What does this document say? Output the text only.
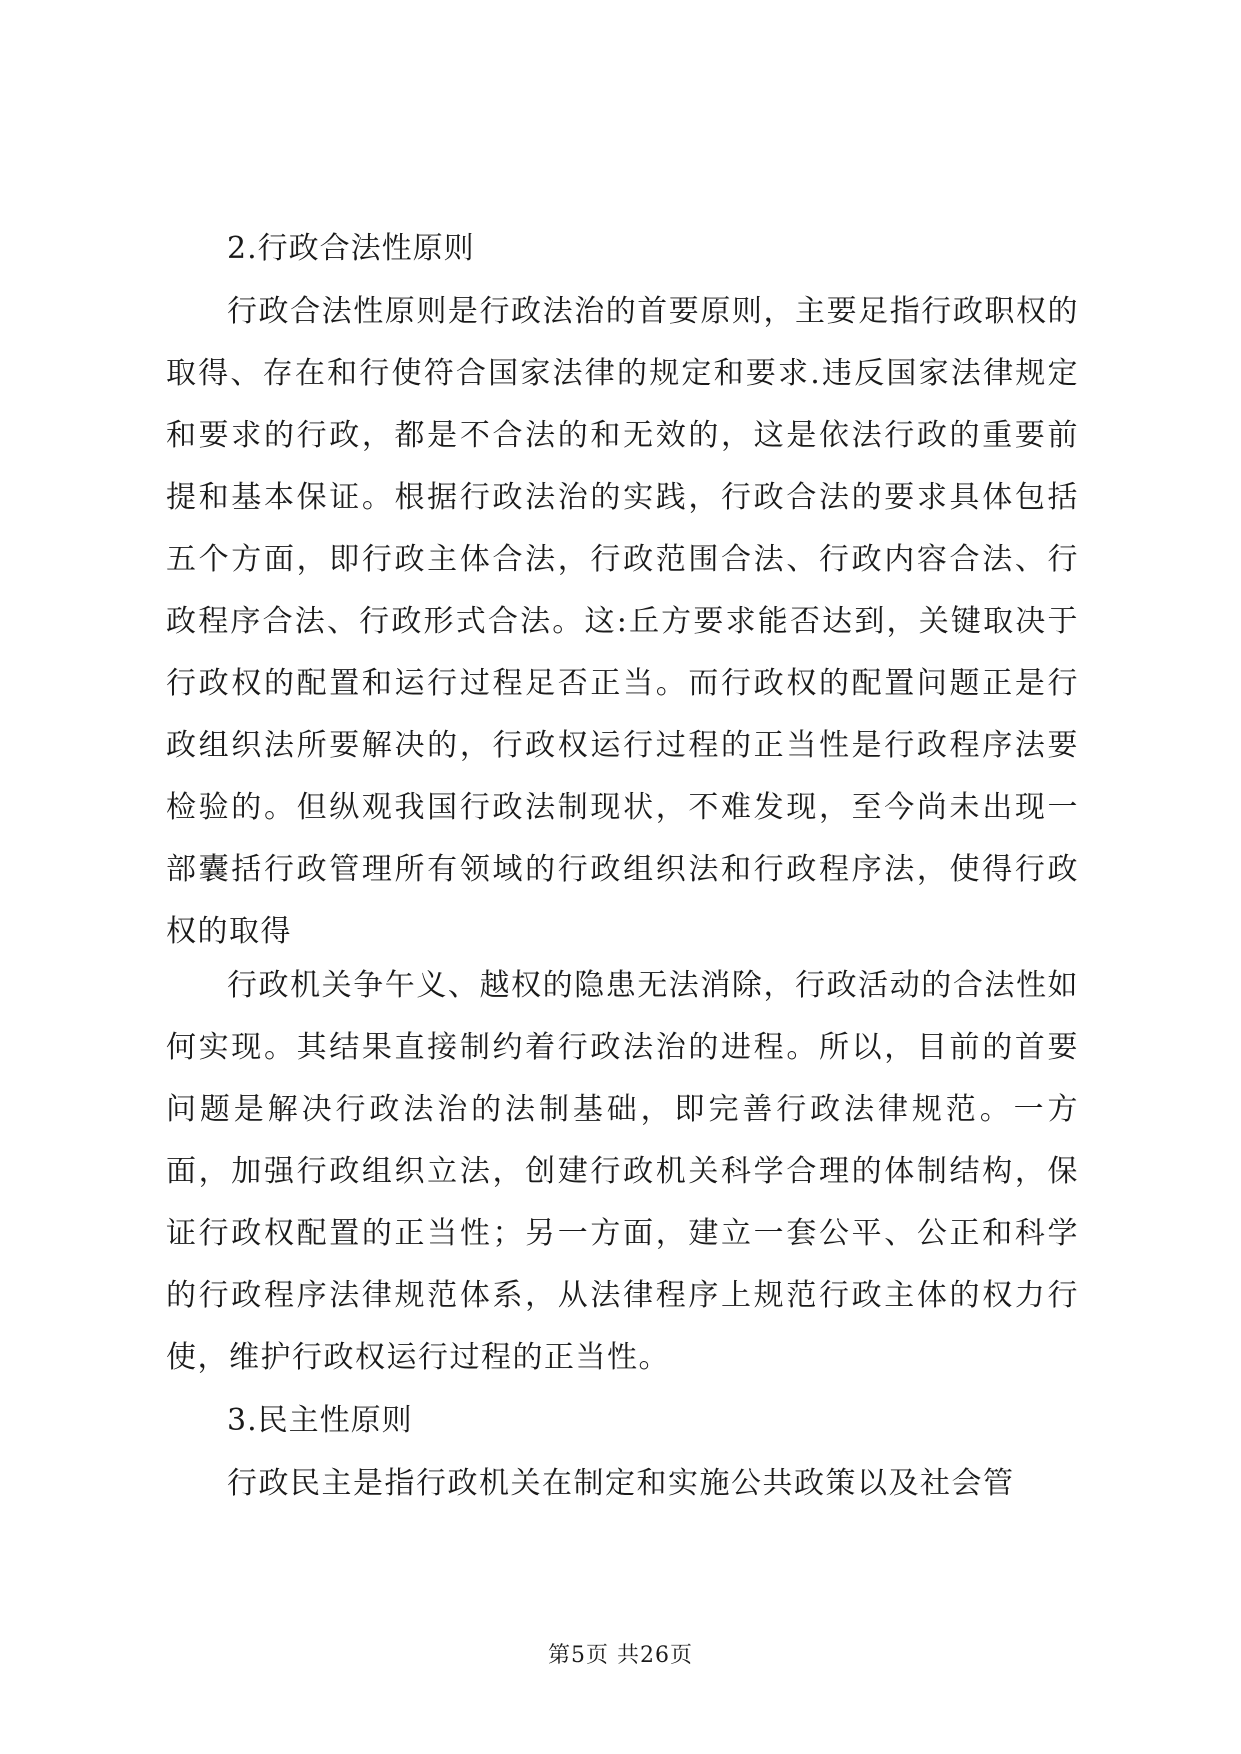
2.行政合法性原则

行政合法性原则是行政法治的首要原则，主要足指行政职权的取得、存在和行使符合国家法律的规定和要求.违反国家法律规定和要求的行政，都是不合法的和无效的，这是依法行政的重要前提和基本保证。根据行政法治的实践，行政合法的要求具体包括五个方面，即行政主体合法，行政范围合法、行政内容合法、行政程序合法、行政形式合法。这:丘方要求能否达到，关键取决于行政权的配置和运行过程足否正当。而行政权的配置问题正是行政组织法所要解决的，行政权运行过程的正当性是行政程序法要检验的。但纵观我国行政法制现状，不难发现，至今尚未出现一部囊括行政管理所有领域的行政组织法和行政程序法，使得行政权的取得

行政机关争午义、越权的隐患无法消除，行政活动的合法性如何实现。其结果直接制约着行政法治的进程。所以，目前的首要问题是解决行政法治的法制基础，即完善行政法律规范。一方面，加强行政组织立法，创建行政机关科学合理的体制结构，保证行政权配置的正当性；另一方面，建立一套公平、公正和科学的行政程序法律规范体系，从法律程序上规范行政主体的权力行使，维护行政权运行过程的正当性。

3.民主性原则

行政民主是指行政机关在制定和实施公共政策以及社会管

第5页 共26页
